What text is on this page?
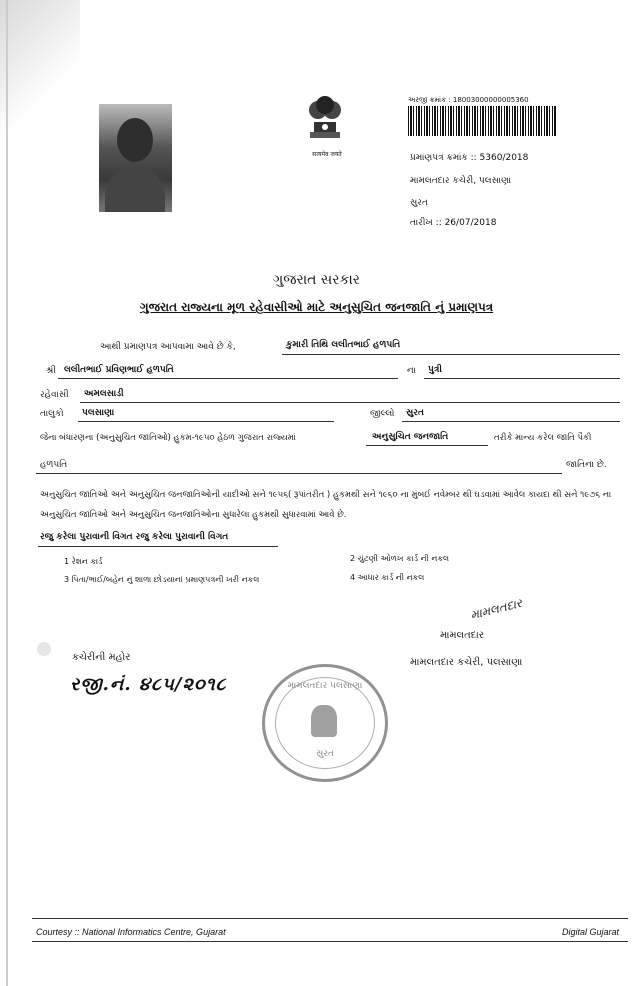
सत्यमेव जयते
અરજી ક્રમાંક : 18003000000005360
પ્રમાણપત્ર ક્રમાંક :: 5360/2018
મામલતદાર કચેરી, પલસાણા
સુરત
તારીખ :: 26/07/2018
ગુજરાત સરકાર
ગુજરાત રાજ્યના મૂળ રહેવાસીઓ માટે અનુસુચિત જનજાતિ નું પ્રમાણપત્ર
આથી પ્રમાણપત્ર આપવામા આવે છે કે,	કુમારી તિથિ લલીતભાઈ હળપતિ
શ્રી લલીતભાઈ પ્રવિણભાઈ હળપતિ	ના પુત્રી
રહેવાસી અમલસાડી
તાલુકો પલસાણા	જીલ્લો સુરત
જેના બંધારણના (અનુસુચિત જાતિઓ) હુકમ-૧૯૫૦ હેઠળ ગુજરાત રાજ્યમાં	અનુસુચિત જનજાતિ	તરીકે માન્ય કરેલ જાતિ પૈકી
હળપતિ	જાતિના છે.
અનુસુચિત જાતિઓ અને અનુસુચિત જનજાતિઓની યાદીઓ સને ૧૯૫૬( રૂપાંતરીત ) હુકમથી સને ૧૯૬૦ ના મુંબઈ નવેમ્બર થી ઘડવામાં આવેલ કાયદા થી સને ૧૯૭૬ ના અનુસુચિત જાતિઓ અને અનુસુચિત જનજાતિઓના સુધારેલા હુકમથી સુધારવામાં આવે છે.
રજુ કરેલા પુરાવાની વિગત રજુ કરેલા પુરાવાની વિગત
1 રેશન કાર્ડ	2 ચુંટણી ઓળખ કાર્ડ ની નકલ
3 પિતા/ભાઈ/બહેન નું શાળા છોડયાનાં પ્રમાણપત્રની ખરી નકલ	4 આધાર કાર્ડ ની નકલ
મામલતદાર
મામલતદાર
મામલતદાર કચેરી, પલસાણા
કચેરીની મહોર
રજી.નં. ૪૮૫/૨૦૧૮	મામલતદાર પલસાણા
સુરત
Courtesy :: National Informatics Centre, Gujarat	Digital Gujarat
